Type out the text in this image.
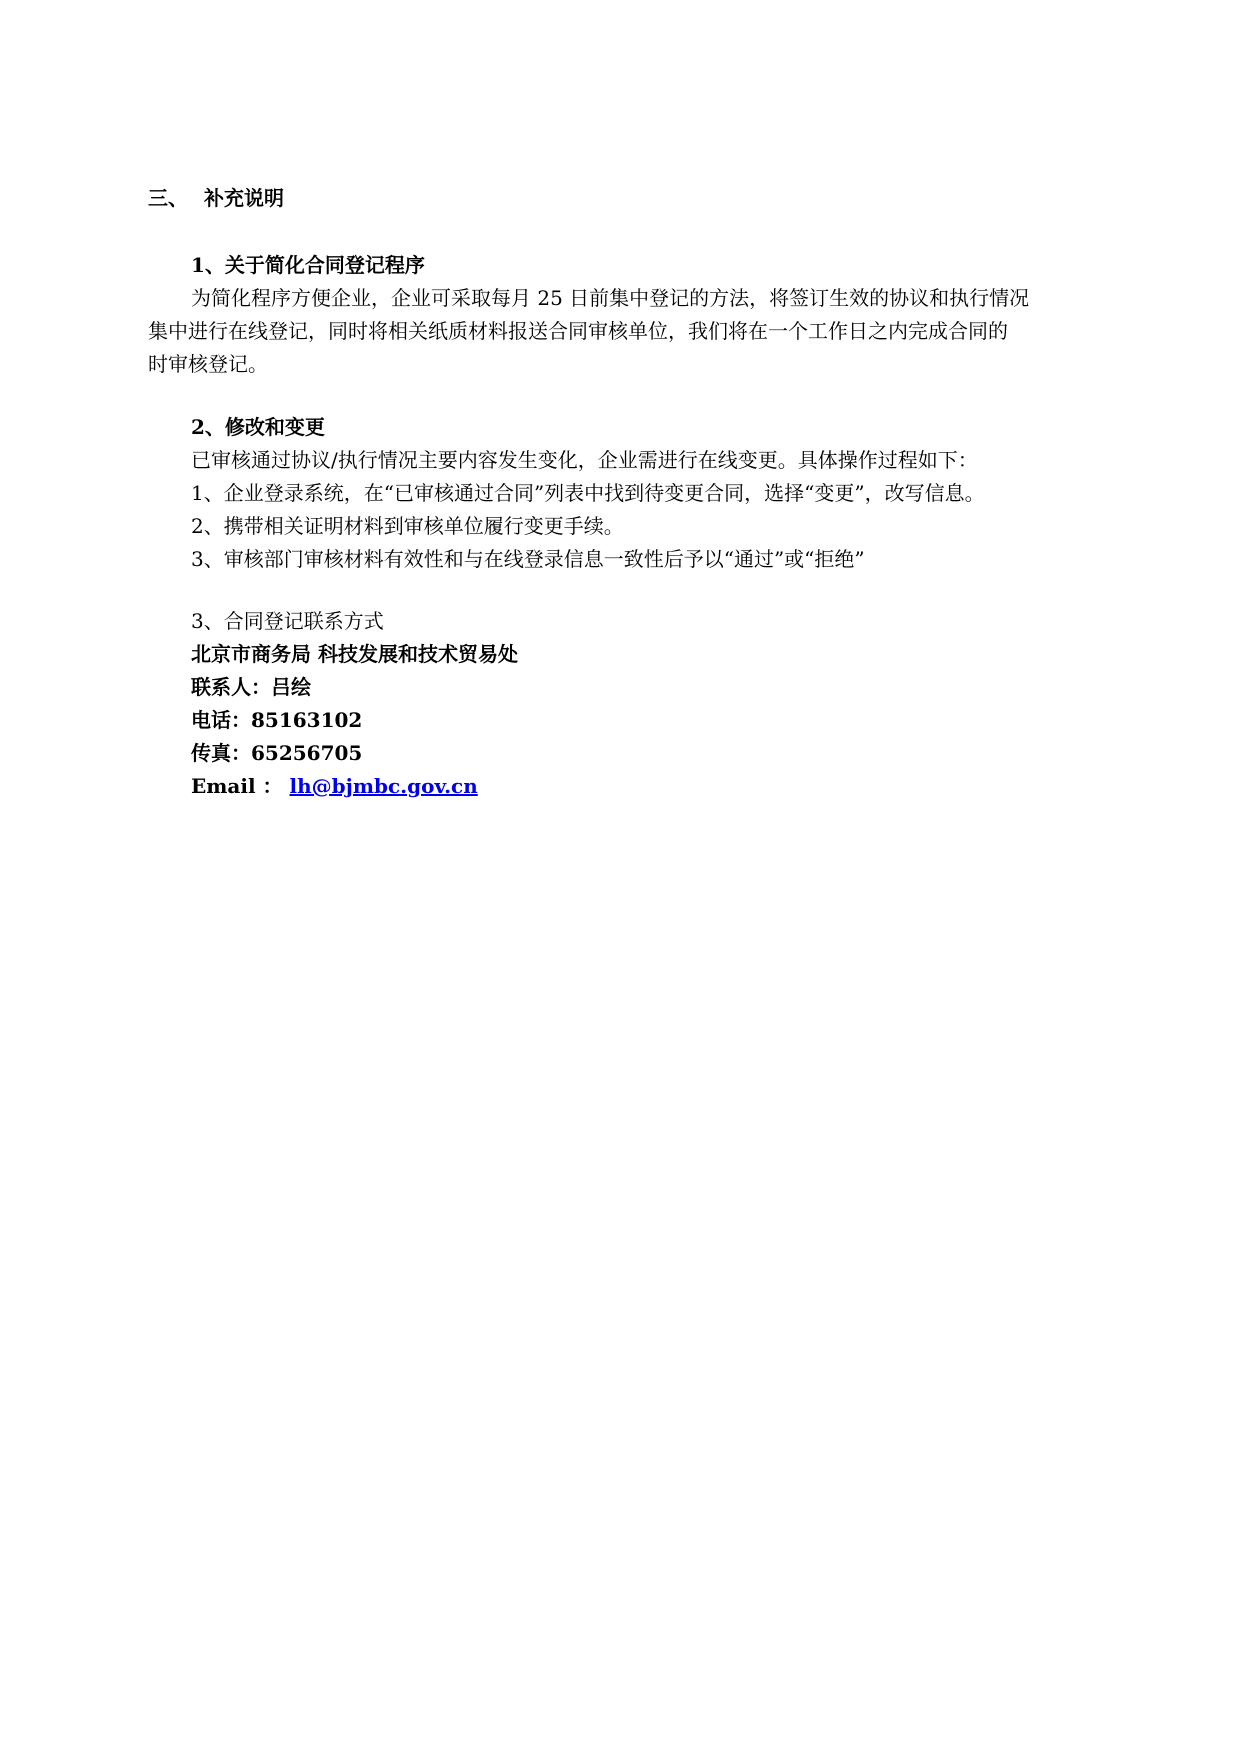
三、 补充说明
1、关于简化合同登记程序

为简化程序方便企业，企业可采取每月 25 日前集中登记的方法，将签订生效的协议和执行情况

集中进行在线登记，同时将相关纸质材料报送合同审核单位，我们将在一个工作日之内完成合同的

时审核登记。

2、修改和变更

已审核通过协议/执行情况主要内容发生变化，企业需进行在线变更。具体操作过程如下：

1、企业登录系统，在“已审核通过合同”列表中找到待变更合同，选择“变更”，改写信息。

2、携带相关证明材料到审核单位履行变更手续。

3、审核部门审核材料有效性和与在线登录信息一致性后予以“通过”或“拒绝”

3、合同登记联系方式

北京市商务局 科技发展和技术贸易处

联系人：吕绘

电话：85163102

传真：65256705

Email ： lh@bjmbc.gov.cn
